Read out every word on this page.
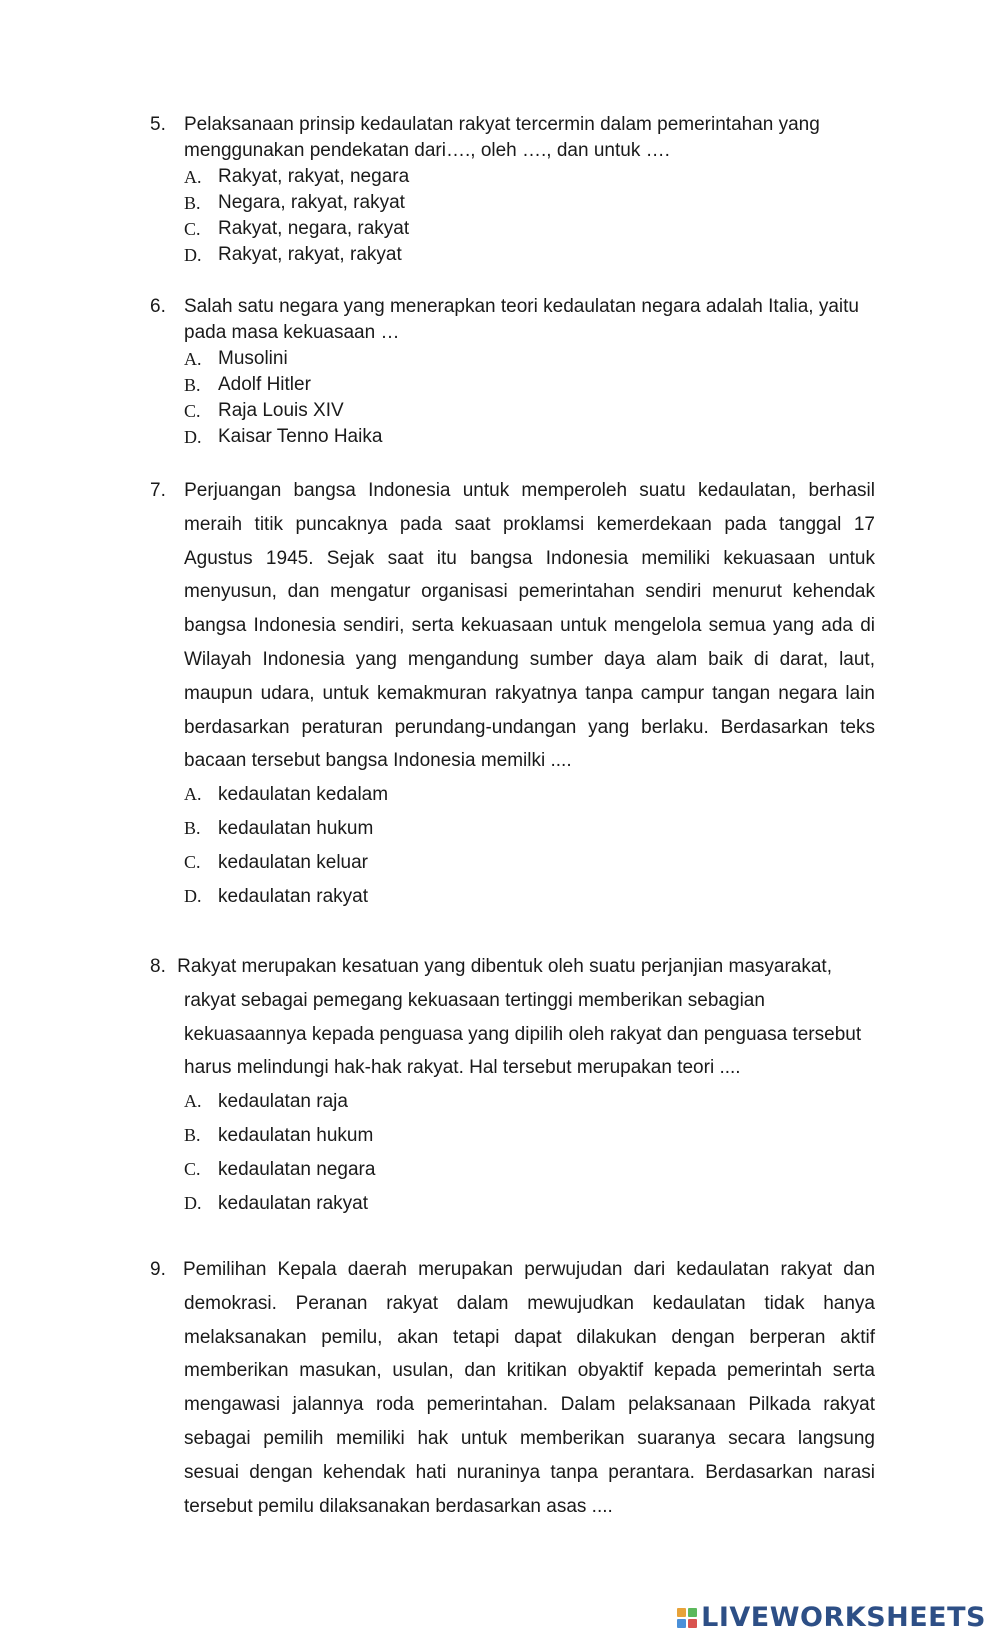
5. Pelaksanaan prinsip kedaulatan rakyat tercermin dalam pemerintahan yang menggunakan pendekatan dari…., oleh …., dan untuk ….
A. Rakyat, rakyat, negara
B. Negara, rakyat, rakyat
C. Rakyat, negara, rakyat
D. Rakyat, rakyat, rakyat
6. Salah satu negara yang menerapkan teori kedaulatan negara adalah Italia, yaitu pada masa kekuasaan …
A. Musolini
B. Adolf Hitler
C. Raja Louis XIV
D. Kaisar Tenno Haika
7. Perjuangan bangsa Indonesia untuk memperoleh suatu kedaulatan, berhasil meraih titik puncaknya pada saat proklamsi kemerdekaan pada tanggal 17 Agustus 1945. Sejak saat itu bangsa Indonesia memiliki kekuasaan untuk menyusun, dan mengatur organisasi pemerintahan sendiri menurut kehendak bangsa Indonesia sendiri, serta kekuasaan untuk mengelola semua yang ada di Wilayah Indonesia yang mengandung sumber daya alam baik di darat, laut, maupun udara, untuk kemakmuran rakyatnya tanpa campur tangan negara lain berdasarkan peraturan perundang-undangan yang berlaku. Berdasarkan teks bacaan tersebut bangsa Indonesia memilki ....
A. kedaulatan kedalam
B. kedaulatan hukum
C. kedaulatan keluar
D. kedaulatan rakyat
8. Rakyat merupakan kesatuan yang dibentuk oleh suatu perjanjian masyarakat, rakyat sebagai pemegang kekuasaan tertinggi memberikan sebagian kekuasaannya kepada penguasa yang dipilih oleh rakyat dan penguasa tersebut harus melindungi hak-hak rakyat. Hal tersebut merupakan teori ....
A. kedaulatan raja
B. kedaulatan hukum
C. kedaulatan negara
D. kedaulatan rakyat
9. Pemilihan Kepala daerah merupakan perwujudan dari kedaulatan rakyat dan demokrasi. Peranan rakyat dalam mewujudkan kedaulatan tidak hanya melaksanakan pemilu, akan tetapi dapat dilakukan dengan berperan aktif memberikan masukan, usulan, dan kritikan obyaktif kepada pemerintah serta mengawasi jalannya roda pemerintahan. Dalam pelaksanaan Pilkada rakyat sebagai pemilih memiliki hak untuk memberikan suaranya secara langsung sesuai dengan kehendak hati nuraninya tanpa perantara. Berdasarkan narasi tersebut pemilu dilaksanakan berdasarkan asas ....
LIVEWORKSHEETS
